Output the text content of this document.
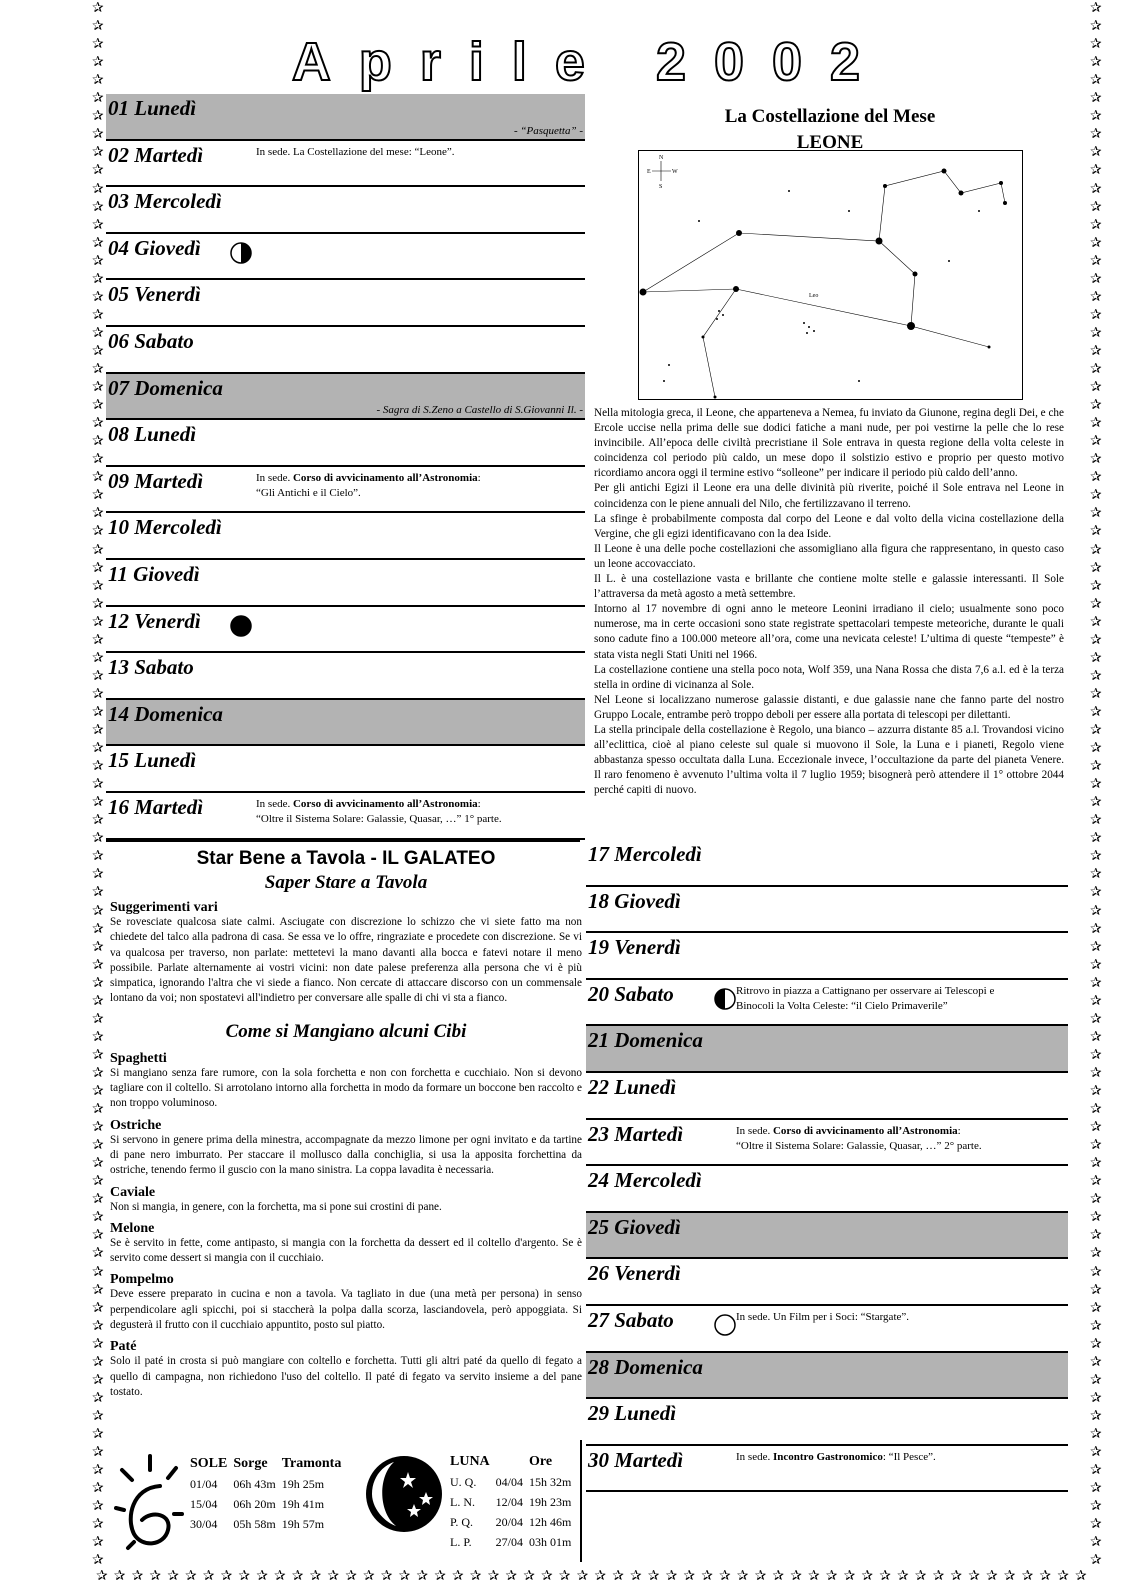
✰
✰
✰
✰
✰
✰
✰
✰
✰
✰
✰
✰
✰
✰
✰
✰
✰
✰
✰
✰
✰
✰
✰
✰
✰
✰
✰
✰
✰
✰
✰
✰
✰
✰
✰
✰
✰
✰
✰
✰
✰
✰
✰
✰
✰
✰
✰
✰
✰
✰
✰
✰
✰
✰
✰
✰
✰
✰
✰
✰
✰
✰
✰
✰
✰
✰
✰
✰
✰
✰
✰
✰
✰
✰
✰
✰
✰
✰
✰
✰
✰
✰
✰
✰
✰
✰
✰
✰
✰
✰
✰
✰
✰
✰
✰
✰
✰
✰
✰
✰
✰
✰
✰
✰
✰
✰
✰
✰
✰
✰
✰
✰
✰
✰
✰
✰
✰
✰
✰
✰
✰
✰
✰
✰
✰
✰
✰
✰
✰
✰
✰
✰
✰
✰
✰
✰
✰
✰
✰
✰
✰
✰
✰
✰
✰
✰
✰
✰
✰
✰
✰
✰
✰
✰
✰
✰
✰
✰
✰
✰
✰
✰
✰
✰
✰
✰
✰
✰
✰
✰
✰
✰
✰
✰
✰ ✰ ✰ ✰ ✰ ✰ ✰ ✰ ✰ ✰ ✰ ✰ ✰ ✰ ✰ ✰ ✰ ✰ ✰ ✰ ✰ ✰ ✰ ✰ ✰ ✰ ✰ ✰ ✰ ✰ ✰ ✰ ✰ ✰ ✰ ✰ ✰ ✰ ✰ ✰ ✰ ✰ ✰ ✰ ✰ ✰ ✰ ✰ ✰ ✰ ✰ ✰ ✰ ✰ ✰ ✰
Aprile 2002
01 Lunedì
- “Pasquetta” -
02 Martedì	In sede. La Costellazione del mese: “Leone”.
03 Mercoledì
04 Giovedì
05 Venerdì
06 Sabato
07 Domenica
- Sagra di S.Zeno a Castello di S.Giovanni Il. -
08 Lunedì
09 Martedì	In sede. Corso di avvicinamento all’Astronomia:
“Gli Antichi e il Cielo”.
10 Mercoledì
11 Giovedì
12 Venerdì
13 Sabato
14 Domenica
15 Lunedì
16 Martedì	In sede. Corso di avvicinamento all’Astronomia:
“Oltre il Sistema Solare: Galassie, Quasar, …” 1° parte.
17 Mercoledì
18 Giovedì
19 Venerdì
20 Sabato	Ritrovo in piazza a Cattignano per osservare ai Telescopi e
Binocoli la Volta Celeste: “il Cielo Primaverile”
21 Domenica
22 Lunedì
23 Martedì	In sede. Corso di avvicinamento all’Astronomia:
“Oltre il Sistema Solare: Galassie, Quasar, …” 2° parte.
24 Mercoledì
25 Giovedì
26 Venerdì
27 Sabato	In sede. Un Film per i Soci: “Stargate”.
28 Domenica
29 Lunedì
30 Martedì	In sede. Incontro Gastronomico: “Il Pesce”.
La Costellazione del Mese
LEONE
N
E	W
S
Leo

Nella mitologia greca, il Leone, che apparteneva a Nemea, fu inviato da Giunone, regina degli Dei, e che Ercole uccise nella prima delle sue dodici fatiche a mani nude, per poi vestirne la pelle che lo rese invincibile. All’epoca delle civiltà precristiane il Sole entrava in questa regione della volta celeste in coincidenza col periodo più caldo, un mese dopo il solstizio estivo e proprio per questo motivo ricordiamo ancora oggi il termine estivo “solleone” per indicare il periodo più caldo dell’anno.

Per gli antichi Egizi il Leone era una delle divinità più riverite, poiché il Sole entrava nel Leone in coincidenza con le piene annuali del Nilo, che fertilizzavano il terreno.

La sfinge è probabilmente composta dal corpo del Leone e dal volto della vicina costellazione della Vergine, che gli egizi identificavano con la dea Iside.

Il Leone è una delle poche costellazioni che assomigliano alla figura che rappresentano, in questo caso un leone accovacciato.

Il L. è una costellazione vasta e brillante che contiene molte stelle e galassie interessanti. Il Sole l’attraversa da metà agosto a metà settembre.

Intorno al 17 novembre di ogni anno le meteore Leonini irradiano il cielo; usualmente sono poco numerose, ma in certe occasioni sono state registrate spettacolari tempeste meteoriche, durante le quali sono cadute fino a 100.000 meteore all’ora, come una nevicata celeste! L’ultima di queste “tempeste” è stata vista negli Stati Uniti nel 1966.

La costellazione contiene una stella poco nota, Wolf 359, una Nana Rossa che dista 7,6 a.l. ed è la terza stella in ordine di vicinanza al Sole.

Nel Leone si localizzano numerose galassie distanti, e due galassie nane che fanno parte del nostro Gruppo Locale, entrambe però troppo deboli per essere alla portata di telescopi per dilettanti.

La stella principale della costellazione è Regolo, una bianco – azzurra distante 85 a.l. Trovandosi vicino all’eclittica, cioè al piano celeste sul quale si muovono il Sole, la Luna e i pianeti, Regolo viene abbastanza spesso occultata dalla Luna. Eccezionale invece, l’occultazione da parte del pianeta Venere. Il raro fenomeno è avvenuto l’ultima volta il 7 luglio 1959; bisognerà però attendere il 1° ottobre 2044 perché capiti di nuovo.

Star Bene a Tavola - IL GALATEO
Saper Stare a Tavola
Suggerimenti vari
Se rovesciate qualcosa siate calmi. Asciugate con discrezione lo schizzo che vi siete fatto ma non chiedete del talco alla padrona di casa. Se essa ve lo offre, ringraziate e procedete con discrezione. Se vi va qualcosa per traverso, non parlate: mettetevi la mano davanti alla bocca e fatevi notare il meno possibile. Parlate alternamente ai vostri vicini: non date palese preferenza alla persona che vi è più simpatica, ignorando l'altra che vi siede a fianco. Non cercate di attaccare discorso con un commensale lontano da voi; non spostatevi all'indietro per conversare alle spalle di chi vi sta a fianco.
Come si Mangiano alcuni Cibi
Spaghetti
Si mangiano senza fare rumore, con la sola forchetta e non con forchetta e cucchiaio. Non si devono tagliare con il coltello. Si arrotolano intorno alla forchetta in modo da formare un boccone ben raccolto e non troppo voluminoso.
Ostriche
Si servono in genere prima della minestra, accompagnate da mezzo limone per ogni invitato e da tartine di pane nero imburrato. Per staccare il mollusco dalla conchiglia, si usa la apposita forchettina da ostriche, tenendo fermo il guscio con la mano sinistra. La coppa lavadita è necessaria.
Caviale
Non si mangia, in genere, con la forchetta, ma si pone sui crostini di pane.
Melone
Se è servito in fette, come antipasto, si mangia con la forchetta da dessert ed il coltello d'argento. Se è servito come dessert si mangia con il cucchiaio.
Pompelmo
Deve essere preparato in cucina e non a tavola. Va tagliato in due (una metà per persona) in senso perpendicolare agli spicchi, poi si staccherà la polpa dalla scorza, lasciandovela, però appoggiata. Si degusterà il frutto con il cucchiaio appuntito, posto sul piatto.
Paté
Solo il paté in crosta si può mangiare con coltello e forchetta. Tutti gli altri paté da quello di fegato a quello di campagna, non richiedono l'uso del coltello. Il paté di fegato va servito insieme a del pane tostato.
SOLE	Sorge	Tramonta
01/04	06h 43m	19h 25m
15/04	06h 20m	19h 41m
30/04	05h 58m	19h 57m
LUNA		Ore
U. Q.	04/04	15h 32m
L. N.	12/04	19h 23m
P. Q.	20/04	12h 46m
L. P.	27/04	03h 01m
